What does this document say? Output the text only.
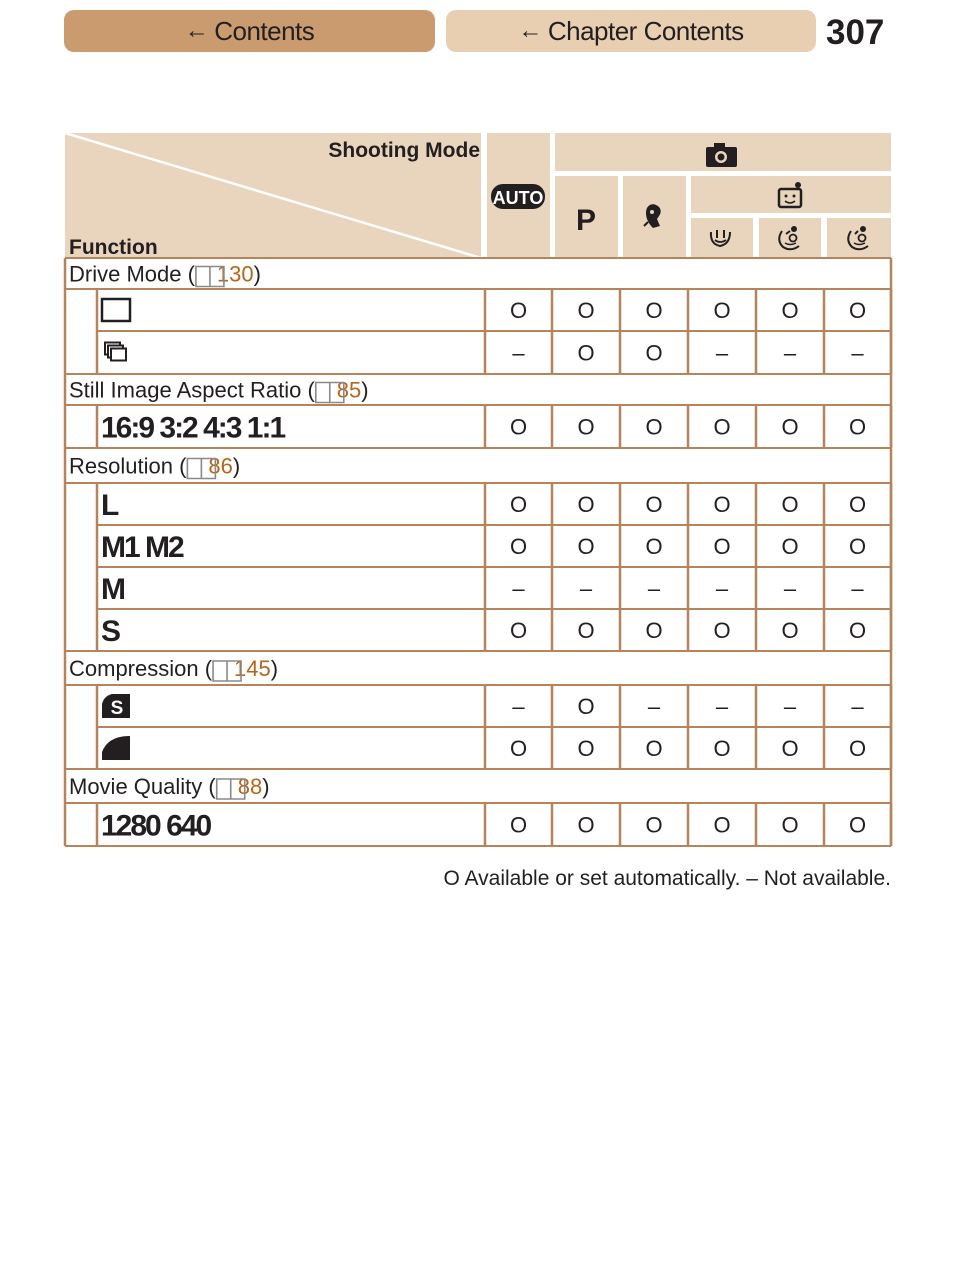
← Contents	← Chapter Contents 307
Shooting Mode
Function
AUTO
P
Drive Mode (   130)
O O O O O O
– O O –	–	–
Still Image Aspect Ratio (   85)
16:9 3:2 4:3 1:1	O O O O O O
Resolution (   86)
L	O O O O O O
M1 M2	O O O O O O
M	–	–	–	–	–	–
S	O O O O O O
Compression (   145)
S	– O –	–	–	–
O O O O O O
Movie Quality (   88)
1280 640	O O O O O O
O Available or set automatically. – Not available.
